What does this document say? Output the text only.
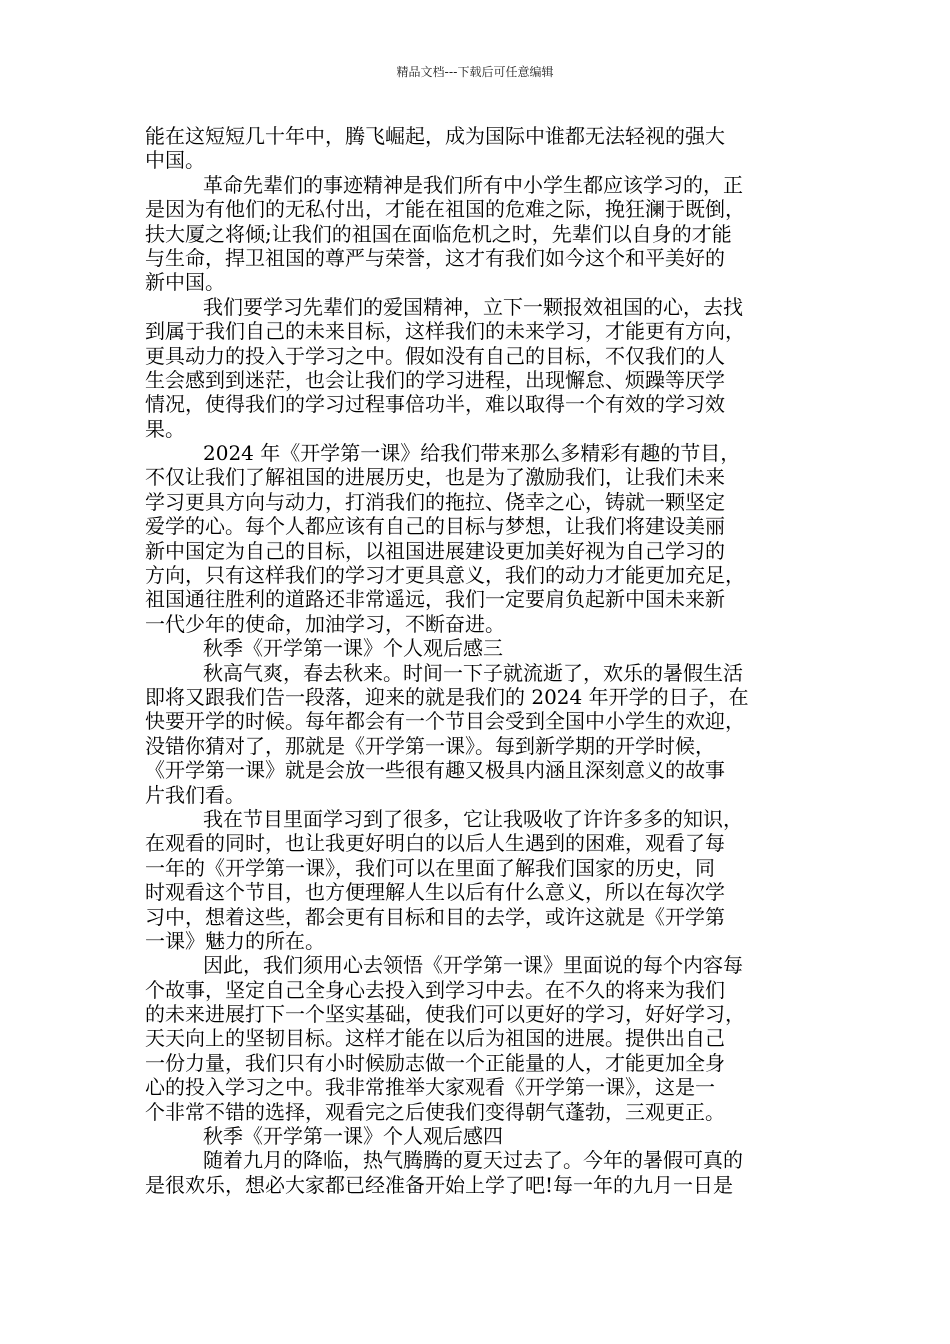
精品文档---下载后可任意编辑
能在这短短几十年中，腾飞崛起，成为国际中谁都无法轻视的强大
中国。
革命先辈们的事迹精神是我们所有中小学生都应该学习的，正
是因为有他们的无私付出，才能在祖国的危难之际，挽狂澜于既倒，
扶大厦之将倾;让我们的祖国在面临危机之时，先辈们以自身的才能
与生命，捍卫祖国的尊严与荣誉，这才有我们如今这个和平美好的
新中国。
我们要学习先辈们的爱国精神，立下一颗报效祖国的心，去找
到属于我们自己的未来目标，这样我们的未来学习，才能更有方向，
更具动力的投入于学习之中。假如没有自己的目标，不仅我们的人
生会感到到迷茫，也会让我们的学习进程，出现懈怠、烦躁等厌学
情况，使得我们的学习过程事倍功半，难以取得一个有效的学习效
果。
2024 年《开学第一课》给我们带来那么多精彩有趣的节目，
不仅让我们了解祖国的进展历史，也是为了激励我们，让我们未来
学习更具方向与动力，打消我们的拖拉、侥幸之心，铸就一颗坚定
爱学的心。每个人都应该有自己的目标与梦想，让我们将建设美丽
新中国定为自己的目标，以祖国进展建设更加美好视为自己学习的
方向，只有这样我们的学习才更具意义，我们的动力才能更加充足，
祖国通往胜利的道路还非常遥远，我们一定要肩负起新中国未来新
一代少年的使命，加油学习，不断奋进。
秋季《开学第一课》个人观后感三
秋高气爽，春去秋来。时间一下子就流逝了，欢乐的暑假生活
即将又跟我们告一段落，迎来的就是我们的 2024 年开学的日子，在
快要开学的时候。每年都会有一个节目会受到全国中小学生的欢迎，
没错你猜对了，那就是《开学第一课》。每到新学期的开学时候，
《开学第一课》就是会放一些很有趣又极具内涵且深刻意义的故事
片我们看。
我在节目里面学习到了很多，它让我吸收了许许多多的知识，
在观看的同时，也让我更好明白的以后人生遇到的困难，观看了每
一年的《开学第一课》，我们可以在里面了解我们国家的历史，同
时观看这个节目，也方便理解人生以后有什么意义，所以在每次学
习中，想着这些，都会更有目标和目的去学，或许这就是《开学第
一课》魅力的所在。
因此，我们须用心去领悟《开学第一课》里面说的每个内容每
个故事，坚定自己全身心去投入到学习中去。在不久的将来为我们
的未来进展打下一个坚实基础，使我们可以更好的学习，好好学习，
天天向上的坚韧目标。这样才能在以后为祖国的进展。提供出自己
一份力量，我们只有小时候励志做一个正能量的人，才能更加全身
心的投入学习之中。我非常推举大家观看《开学第一课》，这是一
个非常不错的选择，观看完之后使我们变得朝气蓬勃，三观更正。
秋季《开学第一课》个人观后感四
随着九月的降临，热气腾腾的夏天过去了。今年的暑假可真的
是很欢乐，想必大家都已经准备开始上学了吧!每一年的九月一日是
